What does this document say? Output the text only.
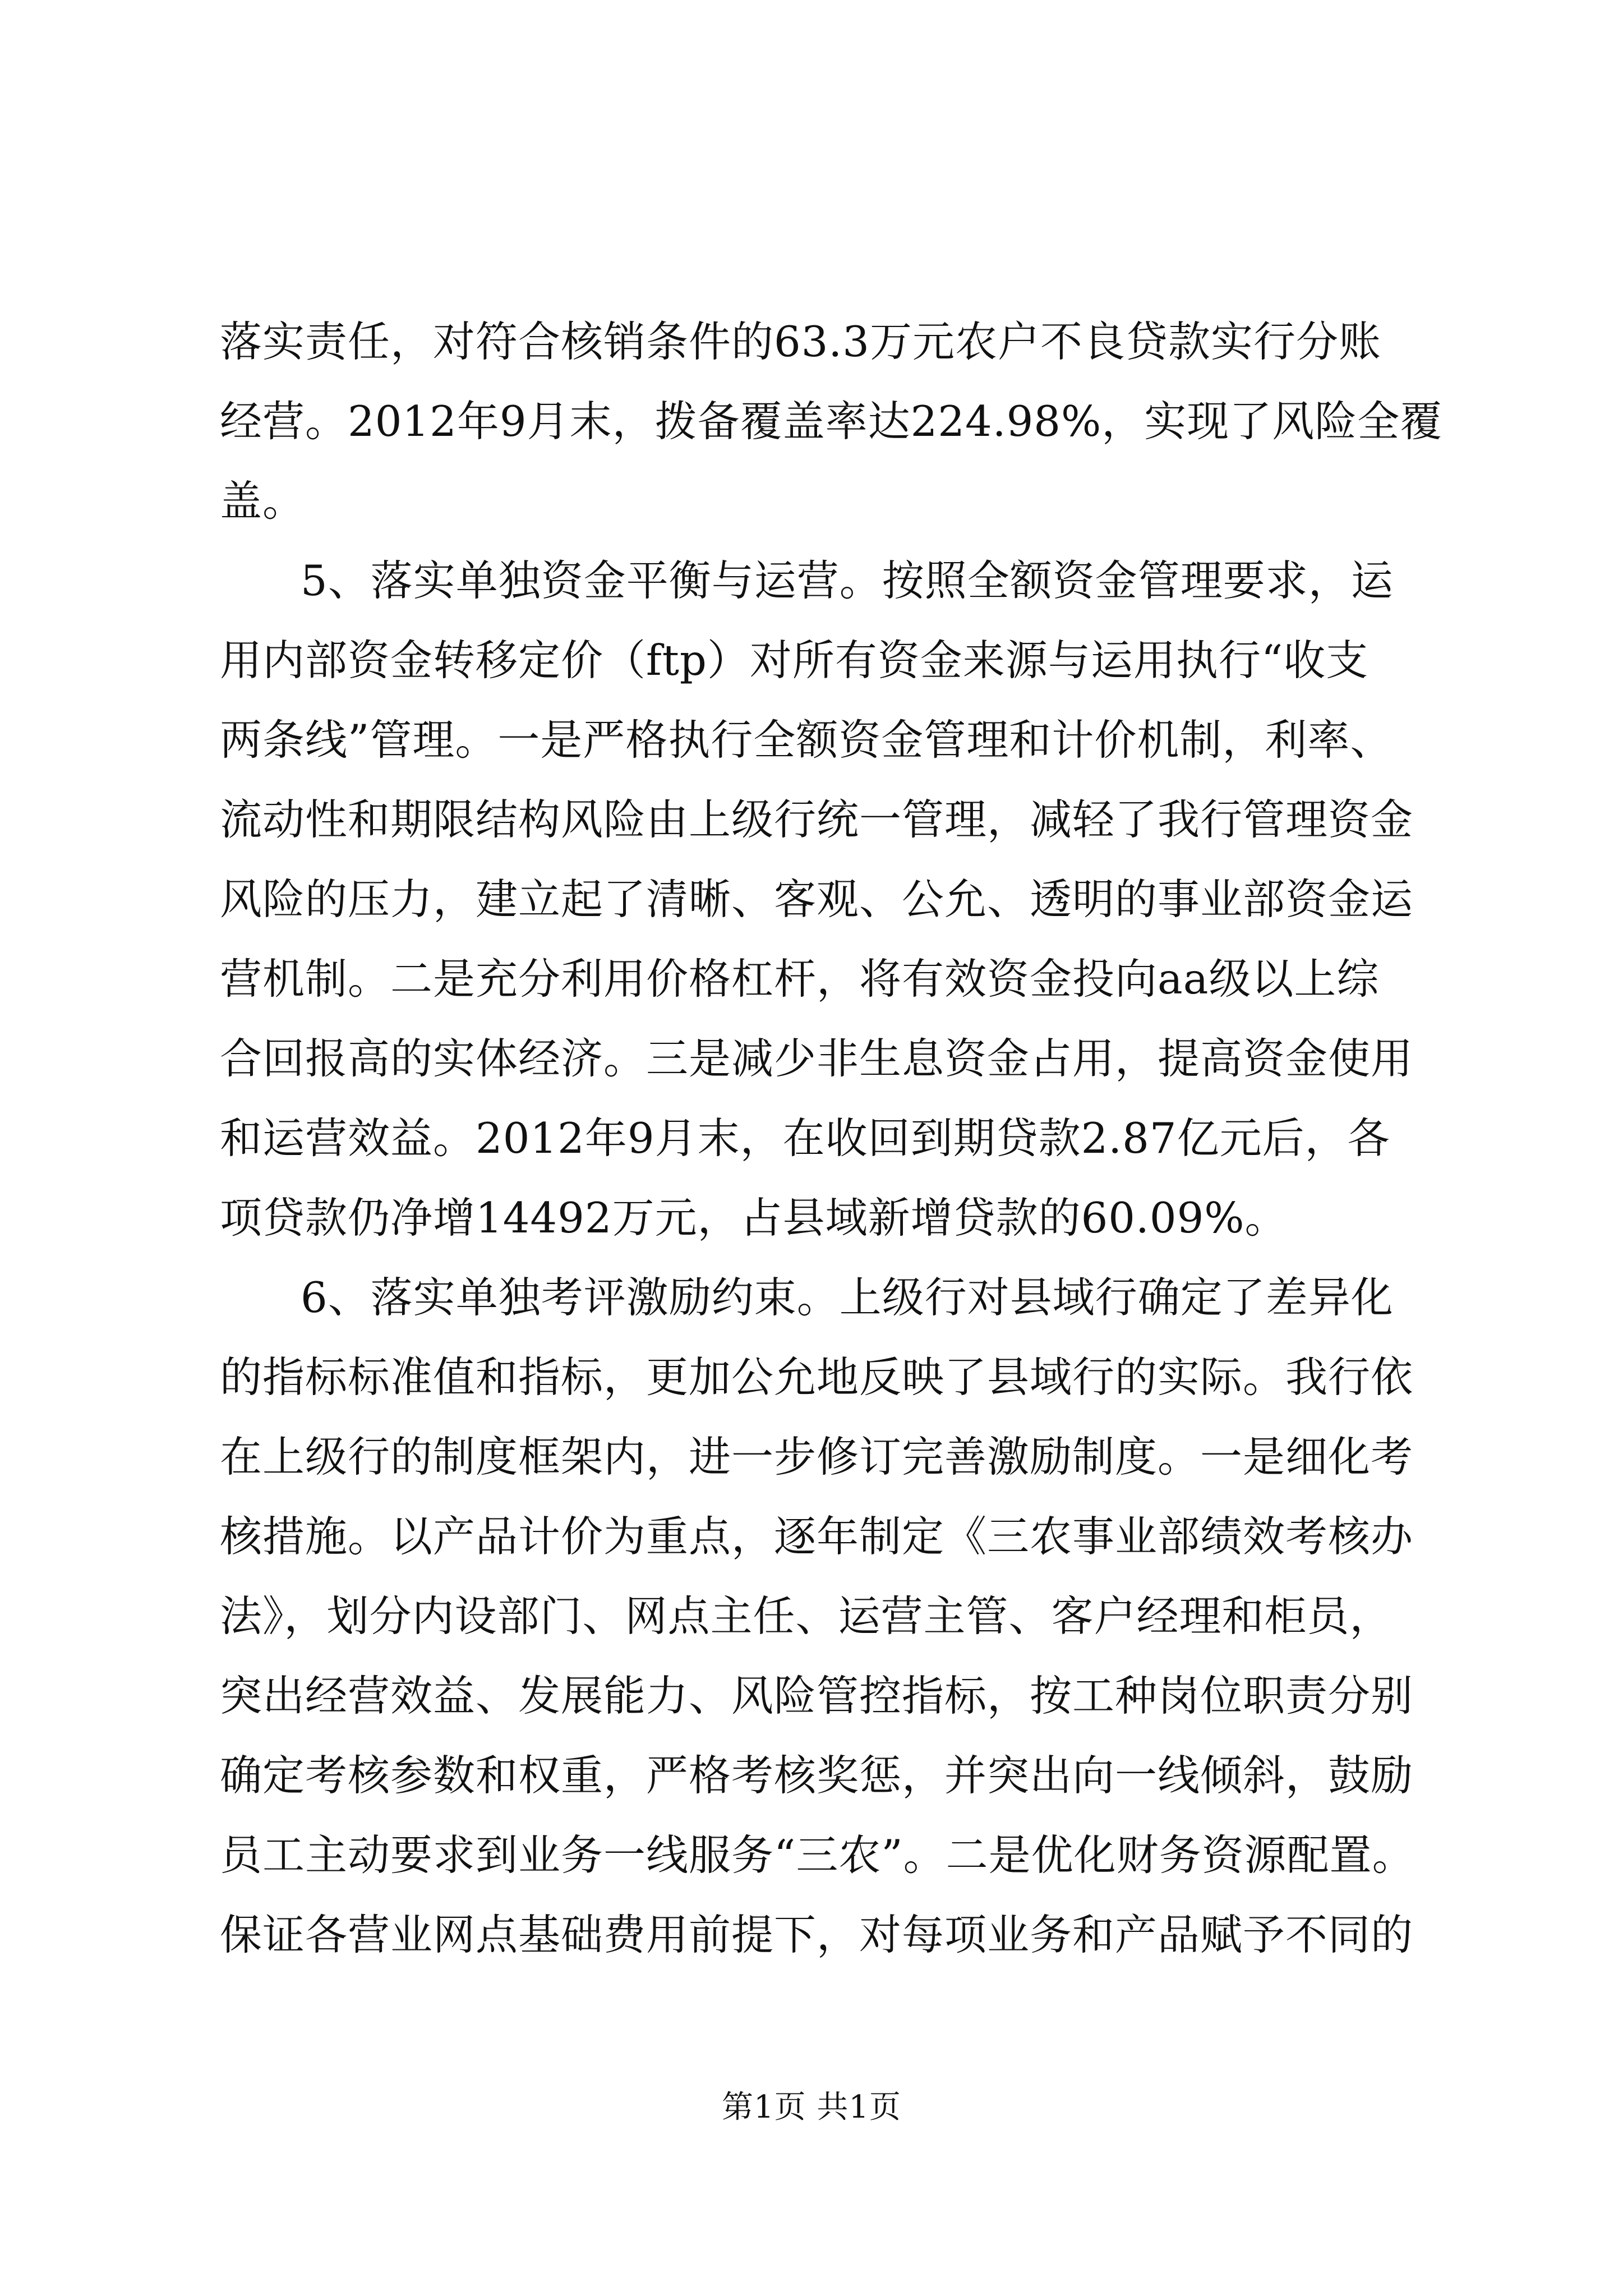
落实责任，对符合核销条件的63.3万元农户不良贷款实行分账
经营。2012年9月末，拨备覆盖率达224.98%，实现了风险全覆
盖。
5、落实单独资金平衡与运营。按照全额资金管理要求，运
用内部资金转移定价（ftp）对所有资金来源与运用执行“收支
两条线”管理。一是严格执行全额资金管理和计价机制，利率、
流动性和期限结构风险由上级行统一管理，减轻了我行管理资金
风险的压力，建立起了清晰、客观、公允、透明的事业部资金运
营机制。二是充分利用价格杠杆，将有效资金投向aa级以上综
合回报高的实体经济。三是减少非生息资金占用，提高资金使用
和运营效益。2012年9月末，在收回到期贷款2.87亿元后，各
项贷款仍净增14492万元，占县域新增贷款的60.09%。
6、落实单独考评激励约束。上级行对县域行确定了差异化
的指标标准值和指标，更加公允地反映了县域行的实际。我行依
在上级行的制度框架内，进一步修订完善激励制度。一是细化考
核措施。以产品计价为重点，逐年制定《三农事业部绩效考核办
法》，划分内设部门、网点主任、运营主管、客户经理和柜员，
突出经营效益、发展能力、风险管控指标，按工种岗位职责分别
确定考核参数和权重，严格考核奖惩，并突出向一线倾斜，鼓励
员工主动要求到业务一线服务“三农”。二是优化财务资源配置。
保证各营业网点基础费用前提下，对每项业务和产品赋予不同的
第1页 共1页
